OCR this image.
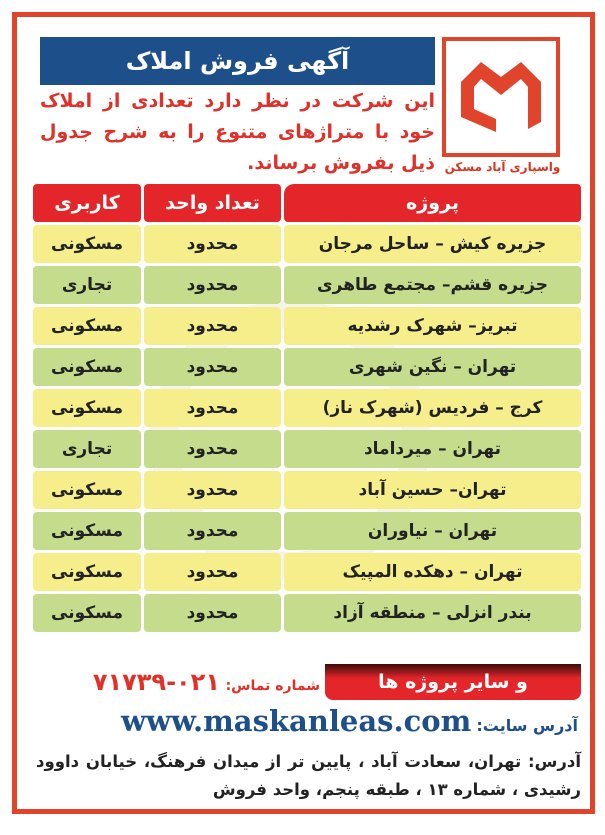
آگهی فروش املاک
واسپاری آباد مسکن
این شرکت در نظر دارد تعدادی از املاک خود با متراژهای متنوع را به شرح جدول ذیل بفروش برساند.
پروژه
تعداد واحد
کاربری
جزیره کیش – ساحل مرجان
محدود
مسکونی
جزیره قشم– مجتمع طاهری
محدود
تجاری
تبریز– شهرک رشدیه
محدود
مسکونی
تهران – نگین شهری
محدود
مسکونی
کرج – فردیس (شهرک ناز)
محدود
مسکونی
تهران – میرداماد
محدود
تجاری
تهران– حسین آباد
محدود
مسکونی
تهران – نیاوران
محدود
مسکونی
تهران – دهکده المپیک
محدود
مسکونی
بندر انزلی – منطقه آزاد
محدود
مسکونی
و سایر پروژه ها
شماره تماس: ۰۲۱-۷۱۷۳۹
آدرس سایت: www.maskanleas.com
آدرس: تهران، سعادت آباد ، پایین تر از میدان فرهنگ، خیابان داوود رشیدی ، شماره ۱۳ ، طبقه پنجم، واحد فروش
